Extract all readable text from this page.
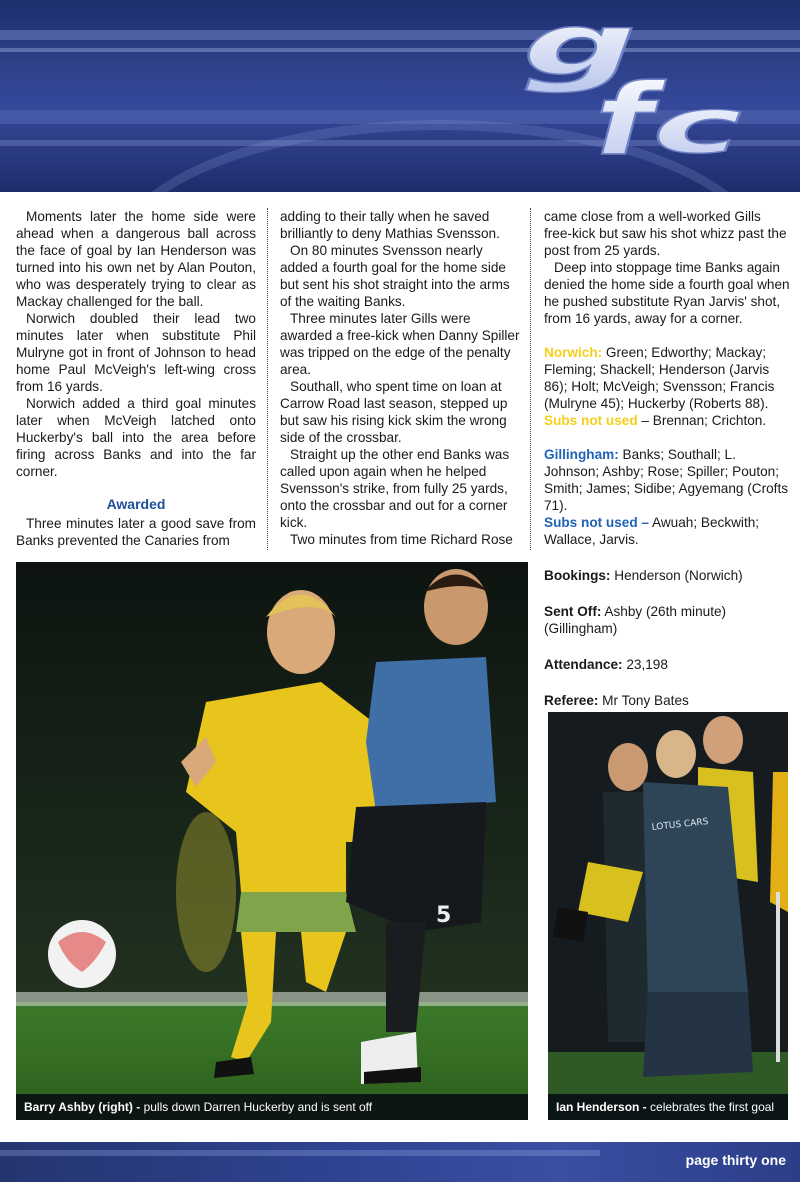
g
f c

Moments later the home side were ahead when a dangerous ball across the face of goal by Ian Henderson was turned into his own net by Alan Pouton, who was desperately trying to clear as Mackay challenged for the ball.

Norwich doubled their lead two minutes later when substitute Phil Mulryne got in front of Johnson to head home Paul McVeigh's left-wing cross from 16 yards.

Norwich added a third goal minutes later when McVeigh latched onto Huckerby's ball into the area before firing across Banks and into the far corner.

Awarded

Three minutes later a good save from Banks prevented the Canaries from

adding to their tally when he saved brilliantly to deny Mathias Svensson.

On 80 minutes Svensson nearly added a fourth goal for the home side but sent his shot straight into the arms of the waiting Banks.

Three minutes later Gills were awarded a free-kick when Danny Spiller was tripped on the edge of the penalty area.

Southall, who spent time on loan at Carrow Road last season, stepped up but saw his rising kick skim the wrong side of the crossbar.

Straight up the other end Banks was called upon again when he helped Svensson's strike, from fully 25 yards, onto the crossbar and out for a corner kick.

Two minutes from time Richard Rose

came close from a well-worked Gills free-kick but saw his shot whizz past the post from 25 yards.

Deep into stoppage time Banks again denied the home side a fourth goal when he pushed substitute Ryan Jarvis' shot, from 16 yards, away for a corner.

Norwich: Green; Edworthy; Mackay; Fleming; Shackell; Henderson (Jarvis 86); Holt; McVeigh; Svensson; Francis (Mulryne 45); Huckerby (Roberts 88). Subs not used – Brennan; Crichton.

Gillingham: Banks; Southall; L. Johnson; Ashby; Rose; Spiller; Pouton; Smith; James; Sidibe; Agyemang (Crofts 71).
Subs not used – Awuah; Beckwith; Wallace, Jarvis.

Bookings: Henderson (Norwich)

Sent Off: Ashby (26th minute) (Gillingham)

Attendance: 23,198

Referee: Mr Tony Bates

5
Barry Ashby (right) - pulls down Darren Huckerby and is sent off
LOTUS CARS
Ian Henderson - celebrates the first goal
page thirty one
